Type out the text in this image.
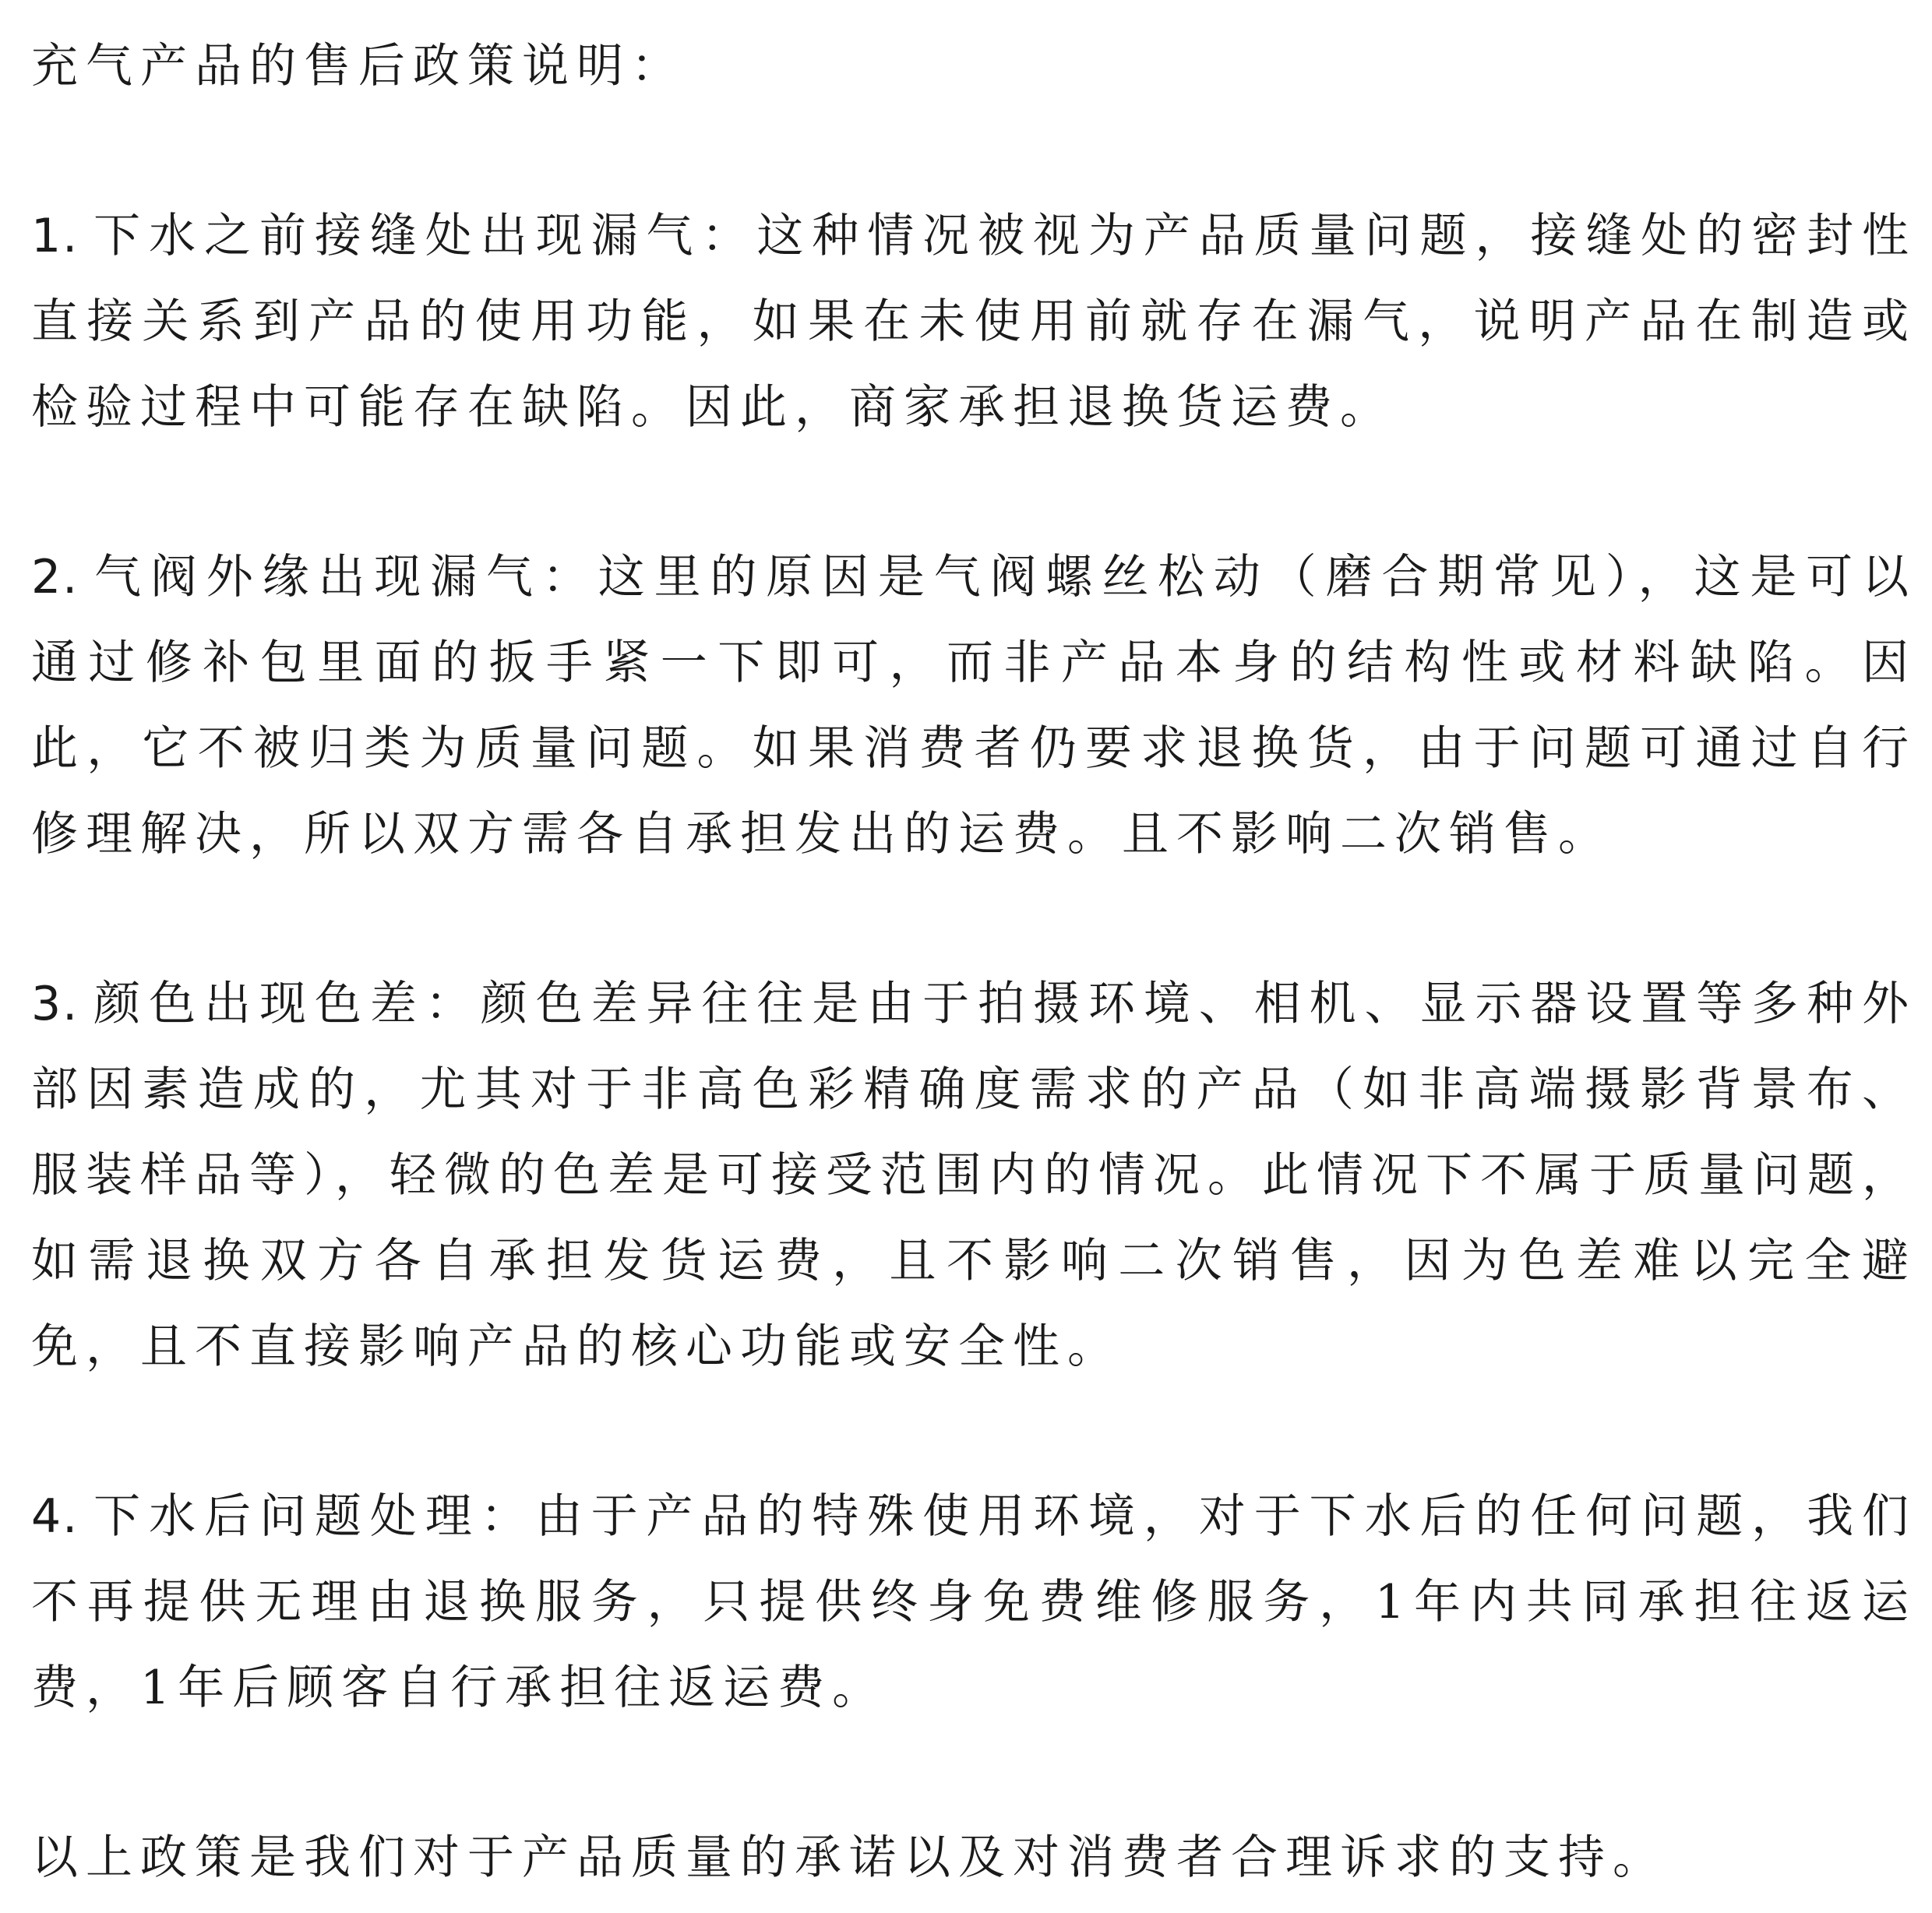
充气产品的售后政策说明：

1. 下水之前接缝处出现漏气：这种情况被视为产品质量问题，接缝处的密封性直接关系到产品的使用功能，如果在未使用前就存在漏气，说明产品在制造或检验过程中可能存在缺陷。因此，商家承担退换货运费。

2. 气阀外缘出现漏气：这里的原因是气阀螺丝松动（磨合期常见），这是可以通过修补包里面的扳手紧一下即可，而非产品本身的结构性或材料缺陷。因此，它不被归类为质量问题。如果消费者仍要求退换货，由于问题可通过自行修理解决，所以双方需各自承担发出的运费。且不影响二次销售。

3. 颜色出现色差：颜色差异往往是由于拍摄环境、相机、显示器设置等多种外部因素造成的，尤其对于非高色彩精确度需求的产品（如非高端摄影背景布、服装样品等），轻微的色差是可接受范围内的情况。此情况下不属于质量问题，如需退换双方各自承担发货运费，且不影响二次销售，因为色差难以完全避免，且不直接影响产品的核心功能或安全性。

4. 下水后问题处理：由于产品的特殊使用环境，对于下水后的任何问题，我们不再提供无理由退换服务，只提供终身免费维修服务，1年内共同承担往返运费，1年后顾客自行承担往返运费。

以上政策是我们对于产品质量的承诺以及对消费者合理诉求的支持。
